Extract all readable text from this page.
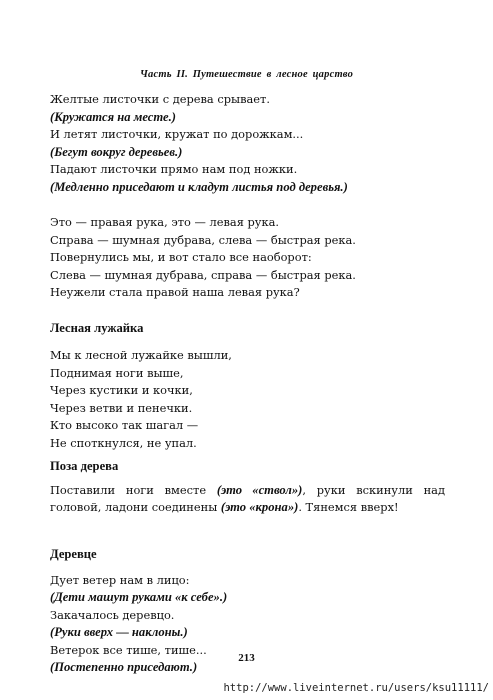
Часть II. Путешествие в лесное царство
Желтые листочки с дерева срывает.
(Кружатся на месте.)
И летят листочки, кружат по дорожкам...
(Бегут вокруг деревьев.)
Падают листочки прямо нам под ножки.
(Медленно приседают и кладут листья под деревья.)
Это — правая рука, это — левая рука.
Справа — шумная дубрава, слева — быстрая река.
Повернулись мы, и вот стало все наоборот:
Слева — шумная дубрава, справа — быстрая река.
Неужели стала правой наша левая рука?
Лесная лужайка
Мы к лесной лужайке вышли,
Поднимая ноги выше,
Через кустики и кочки,
Через ветви и пенечки.
Кто высоко так шагал —
Не споткнулся, не упал.
Поза дерева
Поставили ноги вместе (это «ствол»), руки вскинули над головой, ладони соединены (это «крона»). Тянемся вверх!
Деревце
Дует ветер нам в лицо:
(Дети машут руками «к себе».)
Закачалось деревцо.
(Руки вверх — наклоны.)
Ветерок все тише, тише...
(Постепенно приседают.)
213
http://www.liveinternet.ru/users/ksu11111/
